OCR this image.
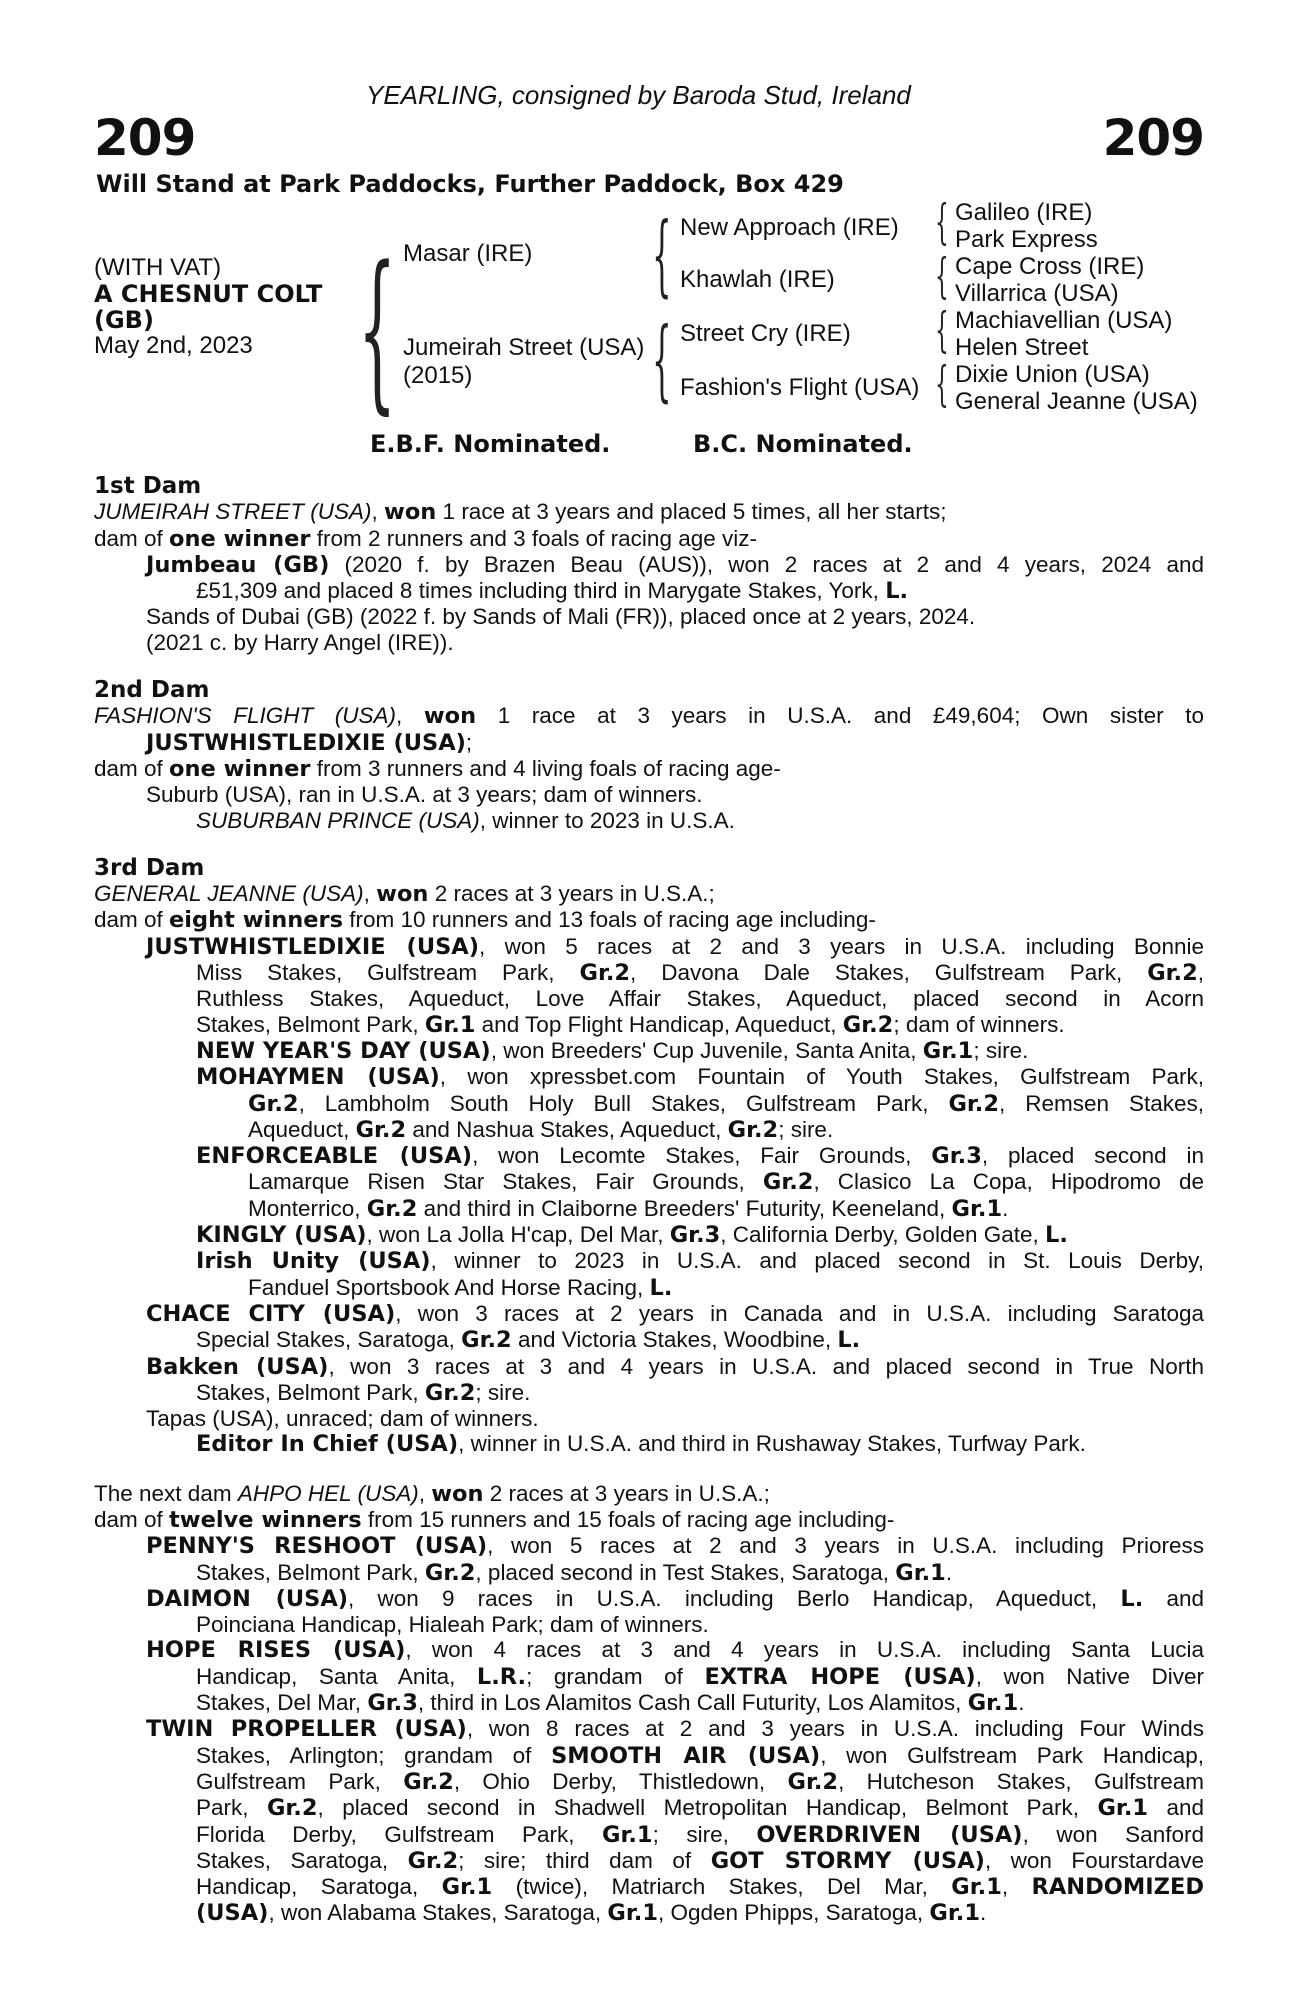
209	209
YEARLING, consigned by Baroda Stud, Ireland
Will Stand at Park Paddocks, Further Paddock, Box 429
(WITH VAT)
A CHESNUT COLT
(GB)
May 2nd, 2023 {	{
{
{
{
{
{
Masar (IRE)
Jumeirah Street (USA)
(2015)
New Approach (IRE)
Khawlah (IRE)
Street Cry (IRE)
Fashion's Flight (USA)
Galileo (IRE)
Park Express
Cape Cross (IRE)
Villarrica (USA)
Machiavellian (USA)
Helen Street
Dixie Union (USA)
General Jeanne (USA)
E.B.F. Nominated.	B.C. Nominated.
1st Dam
JUMEIRAH STREET (USA), won 1 race at 3 years and placed 5 times, all her starts;
dam of one winner from 2 runners and 3 foals of racing age viz-
Jumbeau (GB) (2020 f. by Brazen Beau (AUS)), won 2 races at 2 and 4 years, 2024 and
£51,309 and placed 8 times including third in Marygate Stakes, York, L.
Sands of Dubai (GB) (2022 f. by Sands of Mali (FR)), placed once at 2 years, 2024.
(2021 c. by Harry Angel (IRE)).
2nd Dam
FASHION'S FLIGHT (USA), won 1 race at 3 years in U.S.A. and £49,604; Own sister to
JUSTWHISTLEDIXIE (USA);
dam of one winner from 3 runners and 4 living foals of racing age-
Suburb (USA), ran in U.S.A. at 3 years; dam of winners.
SUBURBAN PRINCE (USA), winner to 2023 in U.S.A.
3rd Dam
GENERAL JEANNE (USA), won 2 races at 3 years in U.S.A.;
dam of eight winners from 10 runners and 13 foals of racing age including-
JUSTWHISTLEDIXIE (USA), won 5 races at 2 and 3 years in U.S.A. including Bonnie
Miss Stakes, Gulfstream Park, Gr.2, Davona Dale Stakes, Gulfstream Park, Gr.2,
Ruthless Stakes, Aqueduct, Love Affair Stakes, Aqueduct, placed second in Acorn
Stakes, Belmont Park, Gr.1 and Top Flight Handicap, Aqueduct, Gr.2; dam of winners.
NEW YEAR'S DAY (USA), won Breeders' Cup Juvenile, Santa Anita, Gr.1; sire.
MOHAYMEN (USA), won xpressbet.com Fountain of Youth Stakes, Gulfstream Park,
Gr.2, Lambholm South Holy Bull Stakes, Gulfstream Park, Gr.2, Remsen Stakes,
Aqueduct, Gr.2 and Nashua Stakes, Aqueduct, Gr.2; sire.
ENFORCEABLE (USA), won Lecomte Stakes, Fair Grounds, Gr.3, placed second in
Lamarque Risen Star Stakes, Fair Grounds, Gr.2, Clasico La Copa, Hipodromo de
Monterrico, Gr.2 and third in Claiborne Breeders' Futurity, Keeneland, Gr.1.
KINGLY (USA), won La Jolla H'cap, Del Mar, Gr.3, California Derby, Golden Gate, L.
Irish Unity (USA), winner to 2023 in U.S.A. and placed second in St. Louis Derby,
Fanduel Sportsbook And Horse Racing, L.
CHACE CITY (USA), won 3 races at 2 years in Canada and in U.S.A. including Saratoga
Special Stakes, Saratoga, Gr.2 and Victoria Stakes, Woodbine, L.
Bakken (USA), won 3 races at 3 and 4 years in U.S.A. and placed second in True North
Stakes, Belmont Park, Gr.2; sire.
Tapas (USA), unraced; dam of winners.
Editor In Chief (USA), winner in U.S.A. and third in Rushaway Stakes, Turfway Park.
The next dam AHPO HEL (USA), won 2 races at 3 years in U.S.A.;
dam of twelve winners from 15 runners and 15 foals of racing age including-
PENNY'S RESHOOT (USA), won 5 races at 2 and 3 years in U.S.A. including Prioress
Stakes, Belmont Park, Gr.2, placed second in Test Stakes, Saratoga, Gr.1.
DAIMON (USA), won 9 races in U.S.A. including Berlo Handicap, Aqueduct, L. and
Poinciana Handicap, Hialeah Park; dam of winners.
HOPE RISES (USA), won 4 races at 3 and 4 years in U.S.A. including Santa Lucia
Handicap, Santa Anita, L.R.; grandam of EXTRA HOPE (USA), won Native Diver
Stakes, Del Mar, Gr.3, third in Los Alamitos Cash Call Futurity, Los Alamitos, Gr.1.
TWIN PROPELLER (USA), won 8 races at 2 and 3 years in U.S.A. including Four Winds
Stakes, Arlington; grandam of SMOOTH AIR (USA), won Gulfstream Park Handicap,
Gulfstream Park, Gr.2, Ohio Derby, Thistledown, Gr.2, Hutcheson Stakes, Gulfstream
Park, Gr.2, placed second in Shadwell Metropolitan Handicap, Belmont Park, Gr.1 and
Florida Derby, Gulfstream Park, Gr.1; sire, OVERDRIVEN (USA), won Sanford
Stakes, Saratoga, Gr.2; sire; third dam of GOT STORMY (USA), won Fourstardave
Handicap, Saratoga, Gr.1 (twice), Matriarch Stakes, Del Mar, Gr.1, RANDOMIZED
(USA), won Alabama Stakes, Saratoga, Gr.1, Ogden Phipps, Saratoga, Gr.1.
